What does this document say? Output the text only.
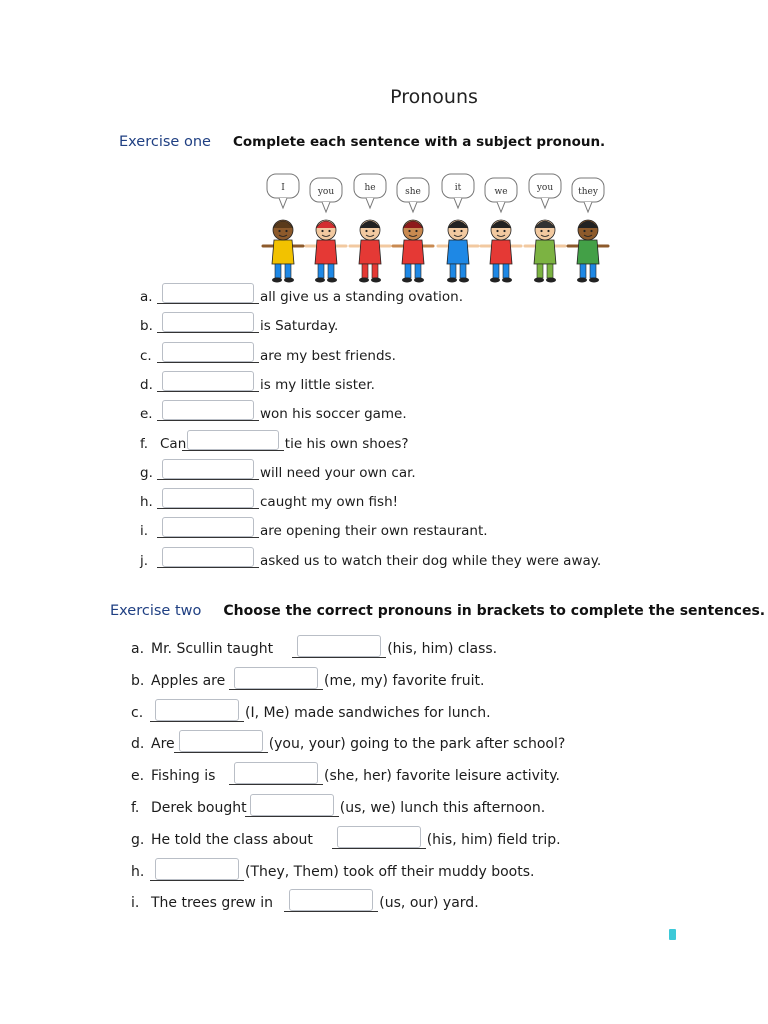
Pronouns
Exercise one Complete each sentence with a subject pronoun.
I	you	he	she	it	we	you	they
a.	all give us a standing ovation.
b.	is Saturday.
c.	are my best friends.
d.	is my little sister.
e.	won his soccer game.
f. Can	tie his own shoes?
g.	will need your own car.
h.	caught my own fish!
i.	are opening their own restaurant.
j.	asked us to watch their dog while they were away.
Exercise two Choose the correct pronouns in brackets to complete the sentences.
a. Mr. Scullin taught	(his, him) class.
b. Apples are	(me, my) favorite fruit.
c.	(I, Me) made sandwiches for lunch.
d. Are	(you, your) going to the park after school?
e. Fishing is	(she, her) favorite leisure activity.
f. Derek bought	(us, we) lunch this afternoon.
g. He told the class about	(his, him) field trip.
h.	(They, Them) took off their muddy boots.
i. The trees grew in	(us, our) yard.
